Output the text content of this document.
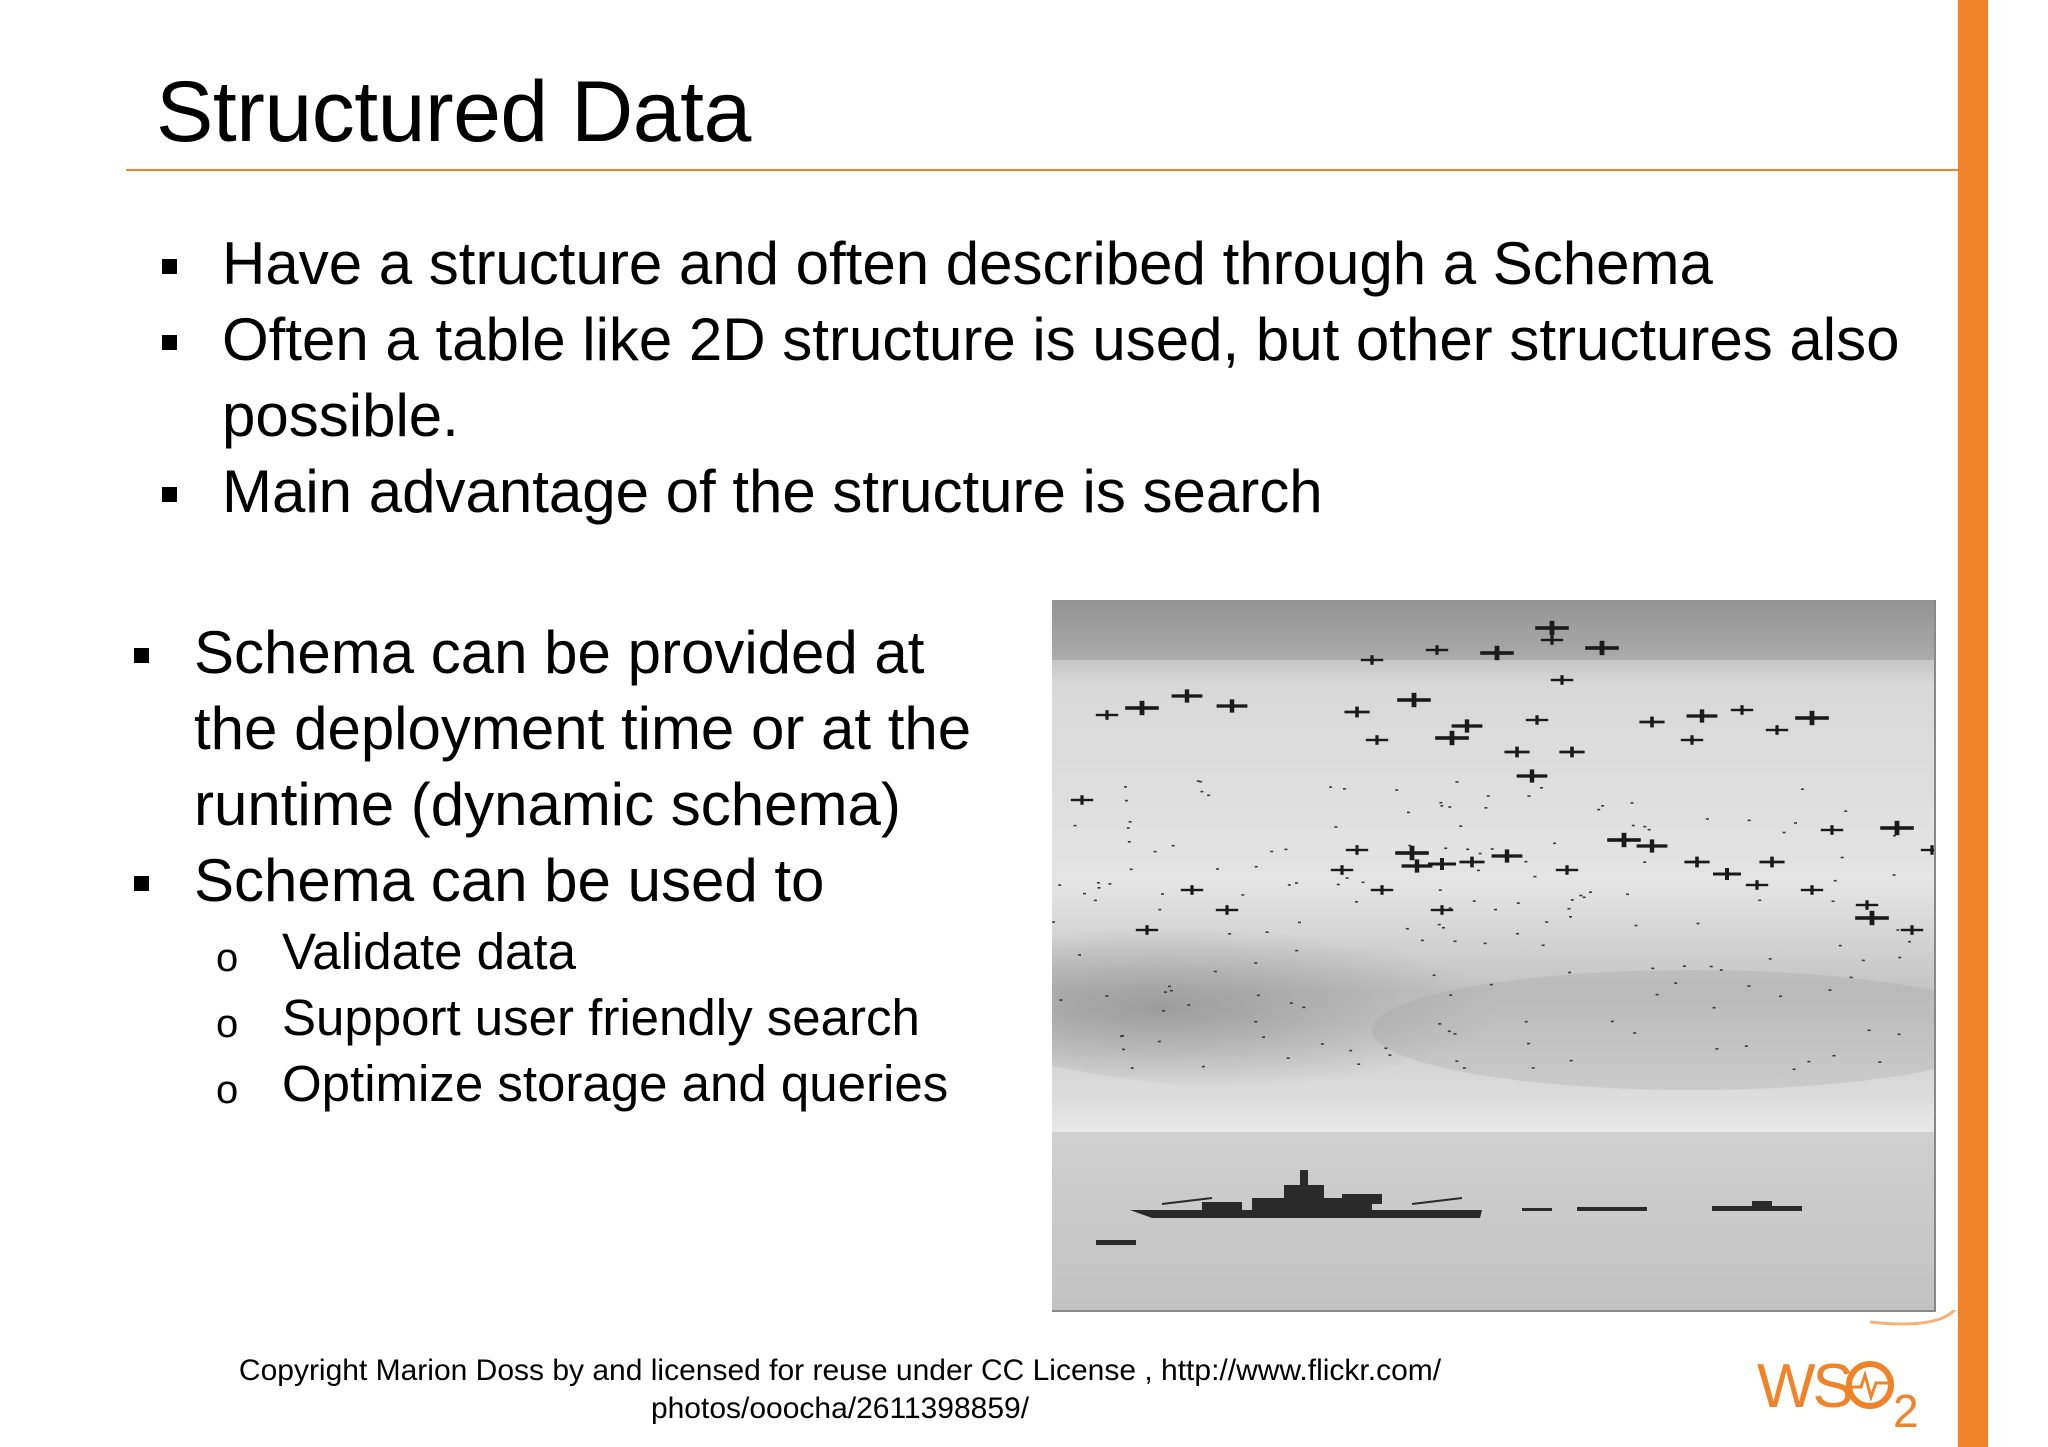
Structured Data
Have a structure and often described through a Schema
Often a table like 2D structure is used, but other structures also possible.
Main advantage of the structure is search
Schema can be provided at the deployment time or at the runtime (dynamic schema)
Schema can be used to
o Validate data
o Support user friendly search
o Optimize storage and queries
Copyright Marion Doss by and licensed for reuse under CC License , http://www.flickr.com/
photos/ooocha/2611398859/	WS 2
